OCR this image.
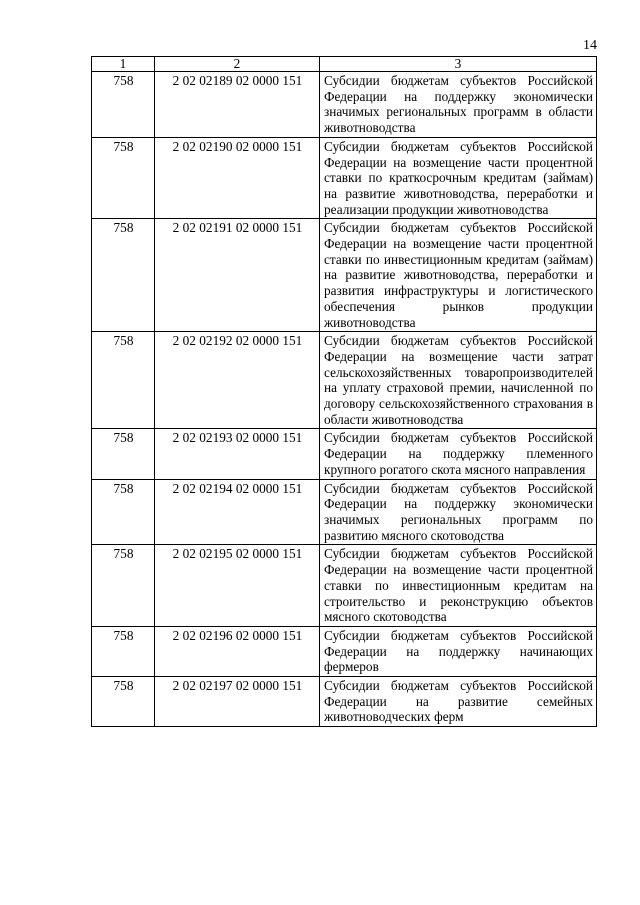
14
1	2	3
758	2 02 02189 02 0000 151	Субсидии бюджетам субъектов Российской Федерации на поддержку экономически значимых региональных программ в области животноводства
758	2 02 02190 02 0000 151	Субсидии бюджетам субъектов Российской Федерации на возмещение части процентной ставки по краткосрочным кредитам (займам) на развитие животноводства, переработки и реализации продукции животноводства
758	2 02 02191 02 0000 151	Субсидии бюджетам субъектов Российской Федерации на возмещение части процентной ставки по инвестиционным кредитам (займам) на развитие животноводства, переработки и развития инфраструктуры и логистического обеспечения рынков продукции животноводства
758	2 02 02192 02 0000 151	Субсидии бюджетам субъектов Российской Федерации на возмещение части затрат сельскохозяйственных товаропроизводителей на уплату страховой премии, начисленной по договору сельскохозяйственного страхования в области животноводства
758	2 02 02193 02 0000 151	Субсидии бюджетам субъектов Российской Федерации на поддержку племенного крупного рогатого скота мясного направления
758	2 02 02194 02 0000 151	Субсидии бюджетам субъектов Российской Федерации на поддержку экономически значимых региональных программ по развитию мясного скотоводства
758	2 02 02195 02 0000 151	Субсидии бюджетам субъектов Российской Федерации на возмещение части процентной ставки по инвестиционным кредитам на строительство и реконструкцию объектов мясного скотоводства
758	2 02 02196 02 0000 151	Субсидии бюджетам субъектов Российской Федерации на поддержку начинающих фермеров
758	2 02 02197 02 0000 151	Субсидии бюджетам субъектов Российской Федерации на развитие семейных животноводческих ферм
